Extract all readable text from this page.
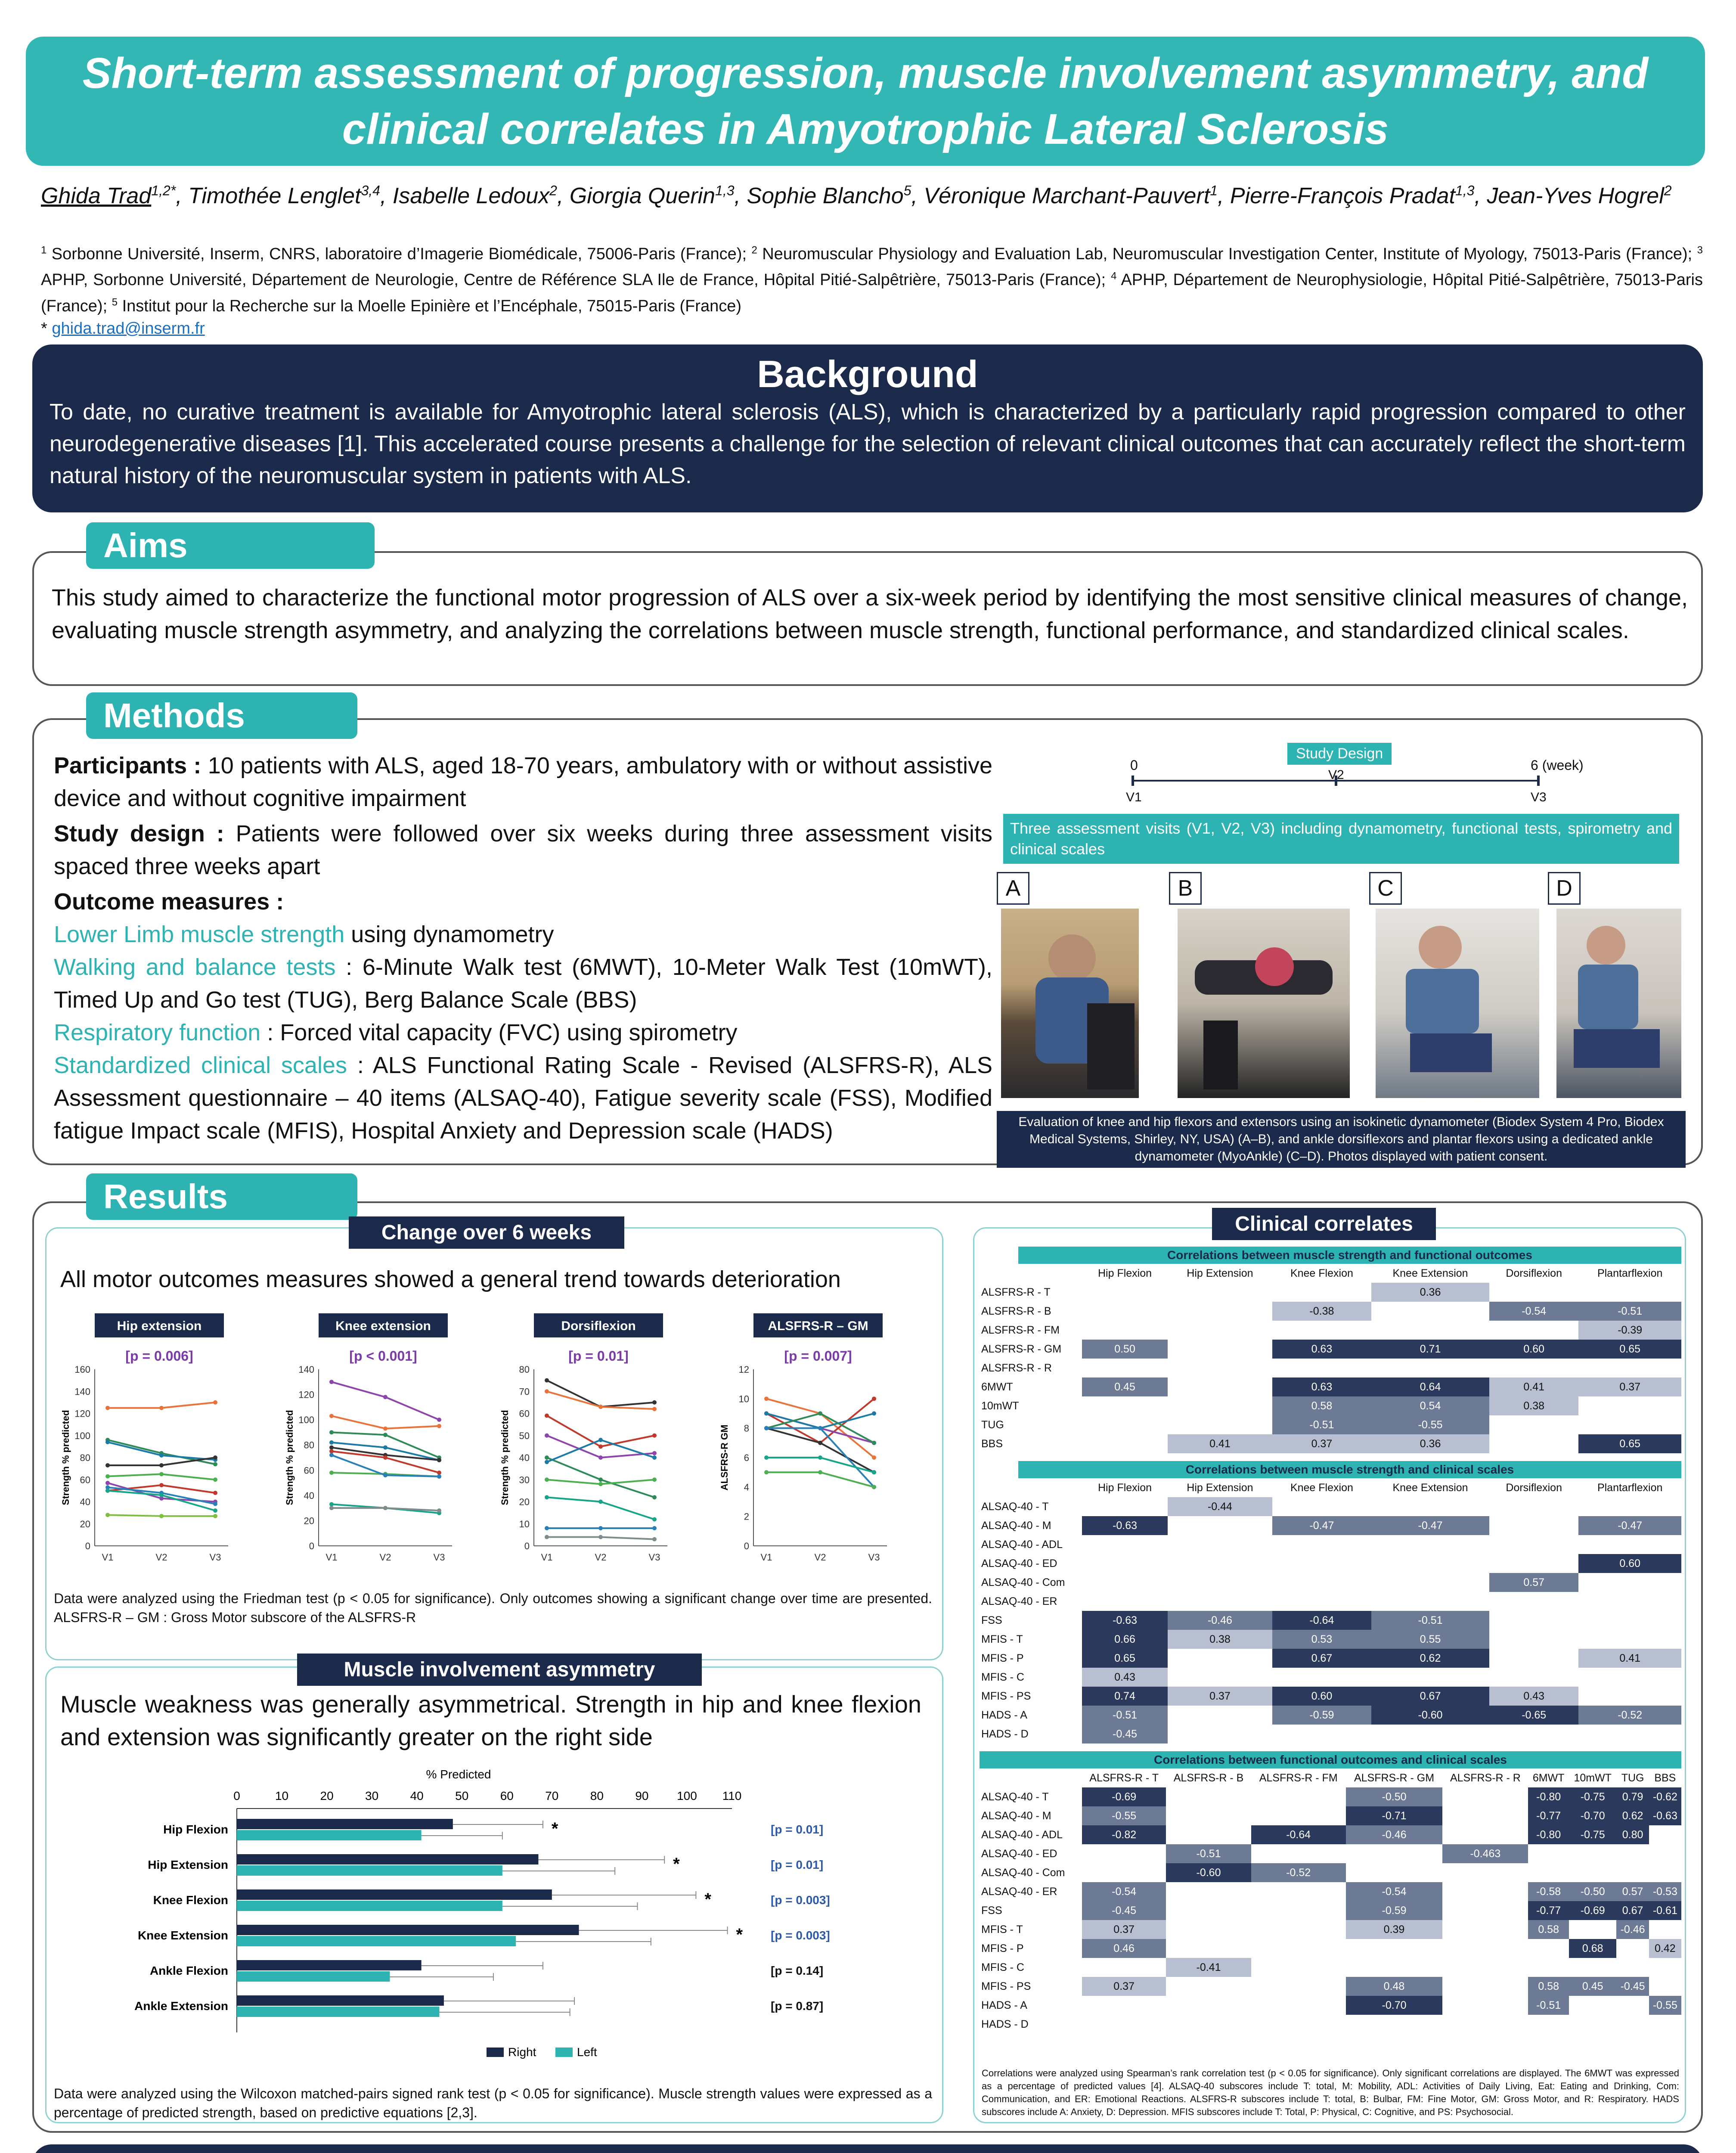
Short-term assessment of progression, muscle involvement asymmetry, and clinical correlates in Amyotrophic Lateral Sclerosis
Ghida Trad$^{1,2*}$, Timothée Lenglet$^{3,4}$, Isabelle Ledoux$^2$, Giorgia Querin$^{1,3}$, Sophie Blancho$^5$, Véronique Marchant-Pauvert$^1$, Pierre-François Pradat$^{1,3}$, Jean-Yves Hogrel$^2$
$^1$ Sorbonne Université, Inserm, CNRS, laboratoire d’Imagerie Biomédicale, 75006-Paris (France); $^2$ Neuromuscular Physiology and Evaluation Lab, Neuromuscular Investigation Center, Institute of Myology, 75013-Paris (France); $^3$ APHP, Sorbonne Université, Département de Neurologie, Centre de Référence SLA Ile de France, Hôpital Pitié-Salpêtrière, 75013-Paris (France); $^4$ APHP, Département de Neurophysiologie, Hôpital Pitié-Salpêtrière, 75013-Paris (France); $^5$ Institut pour la Recherche sur la Moelle Epinière et l’Encéphale, 75015-Paris (France)
* ghida.trad@inserm.fr
Background
To date, no curative treatment is available for Amyotrophic lateral sclerosis (ALS), which is characterized by a particularly rapid progression compared to other neurodegenerative diseases [1]. This accelerated course presents a challenge for the selection of relevant clinical outcomes that can accurately reflect the short-term natural history of the neuromuscular system in patients with ALS.
Aims
This study aimed to characterize the functional motor progression of ALS over a six-week period by identifying the most sensitive clinical measures of change, evaluating muscle strength asymmetry, and analyzing the correlations between muscle strength, functional performance, and standardized clinical scales.
Methods
Participants : 10 patients with ALS, aged 18-70 years, ambulatory with or without assistive device and without cognitive impairment
Study design : Patients were followed over six weeks during three assessment visits spaced three weeks apart
Outcome measures :
Lower Limb muscle strength using dynamometry
Walking and balance tests : 6-Minute Walk test (6MWT), 10-Meter Walk Test (10mWT), Timed Up and Go test (TUG), Berg Balance Scale (BBS)
Respiratory function : Forced vital capacity (FVC) using spirometry
Standardized clinical scales : ALS Functional Rating Scale - Revised (ALSFRS-R), ALS Assessment questionnaire – 40 items (ALSAQ-40), Fatigue severity scale (FSS), Modified fatigue Impact scale (MFIS), Hospital Anxiety and Depression scale (HADS)
Study Design
0	6 (week)
V1
V2
V3
Three assessment visits (V1, V2, V3) including dynamometry, functional tests, spirometry and clinical scales
A	B	C	D
Evaluation of knee and hip flexors and extensors using an isokinetic dynamometer (Biodex System 4 Pro, Biodex Medical Systems, Shirley, NY, USA) (A–B), and ankle dorsiflexors and plantar flexors using a dedicated ankle dynamometer (MyoAnkle) (C–D). Photos displayed with patient consent.
Results
Change over 6 weeks
All motor outcomes measures showed a general trend towards deterioration
Hip extension
[p = 0.006]
0
20
40
60
80
100
120
140
160
V1	V2	V3
Strength % predicted
Knee extension
[p < 0.001]
0
20
40
60
80
100
120
140
V1	V2	V3
Strength % predicted
Dorsiflexion
[p = 0.01]
0
10
20
30
40
50
60
70
80
V1	V2	V3
Strength % predicted
ALSFRS-R – GM
[p = 0.007]
0
2
4
6
8
10
12
V1	V2	V3
ALSFRS-R GM
Data were analyzed using the Friedman test (p < 0.05 for significance). Only outcomes showing a significant change over time are presented. ALSFRS-R – GM : Gross Motor subscore of the ALSFRS-R
Muscle involvement asymmetry
Muscle weakness was generally asymmetrical. Strength in hip and knee flexion and extension was significantly greater on the right side
% Predicted
0	10	20	30	40	50	60	70	80	90 100 110
Hip Flexion	*	[p = 0.01]
Hip Extension	*	[p = 0.01]
Knee Flexion	*	[p = 0.003]
Knee Extension	* [p = 0.003]
Ankle Flexion	[p = 0.14]
Ankle Extension	[p = 0.87]
Right	Left
Data were analyzed using the Wilcoxon matched-pairs signed rank test (p < 0.05 for significance). Muscle strength values were expressed as a percentage of predicted strength, based on predictive equations [2,3].
Clinical correlates
Correlations between muscle strength and functional outcomes
	Hip Flexion	Hip Extension	Knee Flexion	Knee Extension	Dorsiflexion	Plantarflexion
ALSFRS-R - T				0.36		
ALSFRS-R - B			-0.38		-0.54	-0.51
ALSFRS-R - FM						-0.39
ALSFRS-R - GM	0.50		0.63	0.71	0.60	0.65
ALSFRS-R - R						
6MWT	0.45		0.63	0.64	0.41	0.37
10mWT			0.58	0.54	0.38	
TUG			-0.51	-0.55		
BBS		0.41	0.37	0.36		0.65
Correlations between muscle strength and clinical scales
	Hip Flexion	Hip Extension	Knee Flexion	Knee Extension	Dorsiflexion	Plantarflexion
ALSAQ-40 - T		-0.44				
ALSAQ-40 - M	-0.63		-0.47	-0.47		-0.47
ALSAQ-40 - ADL						
ALSAQ-40 - ED						0.60
ALSAQ-40 - Com					0.57	
ALSAQ-40 - ER						
FSS	-0.63	-0.46	-0.64	-0.51		
MFIS - T	0.66	0.38	0.53	0.55		
MFIS - P	0.65		0.67	0.62		0.41
MFIS - C	0.43					
MFIS - PS	0.74	0.37	0.60	0.67	0.43	
HADS - A	-0.51		-0.59	-0.60	-0.65	-0.52
HADS - D	-0.45					
Correlations between functional outcomes and clinical scales
	ALSFRS-R - T	ALSFRS-R - B	ALSFRS-R - FM	ALSFRS-R - GM	ALSFRS-R - R	6MWT	10mWT	TUG	BBS
ALSAQ-40 - T	-0.69			-0.50		-0.80	-0.75	0.79	-0.62
ALSAQ-40 - M	-0.55			-0.71		-0.77	-0.70	0.62	-0.63
ALSAQ-40 - ADL	-0.82		-0.64	-0.46		-0.80	-0.75	0.80	
ALSAQ-40 - ED		-0.51			-0.463				
ALSAQ-40 - Com		-0.60	-0.52						
ALSAQ-40 - ER	-0.54			-0.54		-0.58	-0.50	0.57	-0.53
FSS	-0.45			-0.59		-0.77	-0.69	0.67	-0.61
MFIS - T	0.37			0.39		0.58		-0.46	
MFIS - P	0.46						0.68		0.42
MFIS - C		-0.41							
MFIS - PS	0.37			0.48		0.58	0.45	-0.45	
HADS - A				-0.70		-0.51			-0.55
HADS - D									
Correlations were analyzed using Spearman’s rank correlation test (p < 0.05 for significance). Only significant correlations are displayed. The 6MWT was expressed as a percentage of predicted values [4]. ALSAQ-40 subscores include T: total, M: Mobility, ADL: Activities of Daily Living, Eat: Eating and Drinking, Com: Communication, and ER: Emotional Reactions. ALSFRS-R subscores include T: total, B: Bulbar, FM: Fine Motor, GM: Gross Motor, and R: Respiratory. HADS subscores include A: Anxiety, D: Depression. MFIS subscores include T: Total, P: Physical, C: Cognitive, and PS: Psychosocial.
